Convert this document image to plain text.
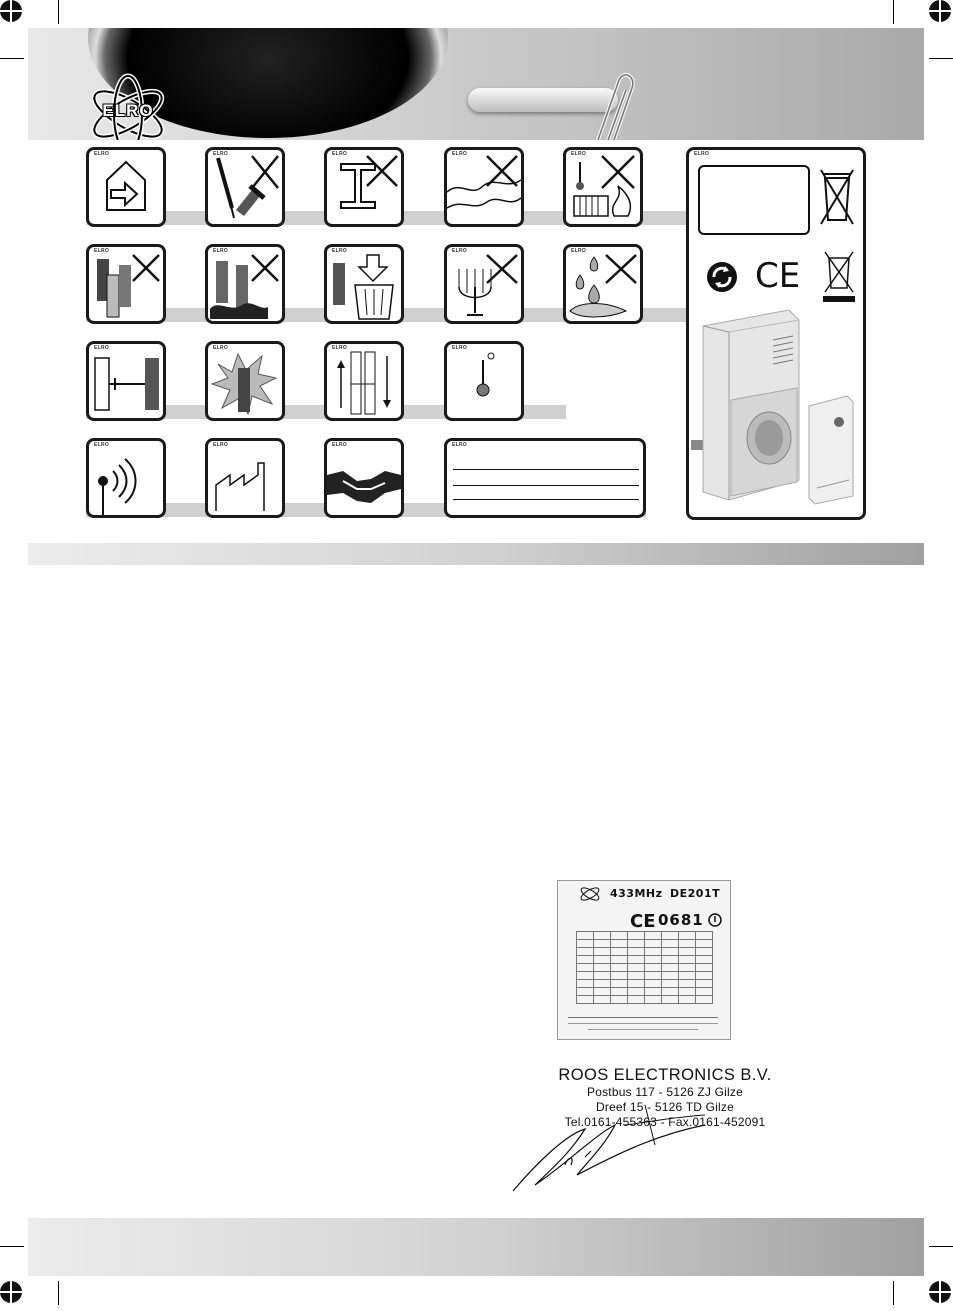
ELRO
ELRO	ELRO	ELRO	ELRO	ELRO
ELRO	ELRO	ELRO	ELRO	ELRO
ELRO	ELRO	ELRO	ELRO
ELRO	ELRO	ELRO	ELRO
ELRO
CE
433MHz DE201T
CE 0681

ROOS ELECTRONICS B.V.
Postbus 117 - 5126 ZJ Gilze
Dreef 15 - 5126 TD Gilze
Tel.0161-455363 - Fax.0161-452091
